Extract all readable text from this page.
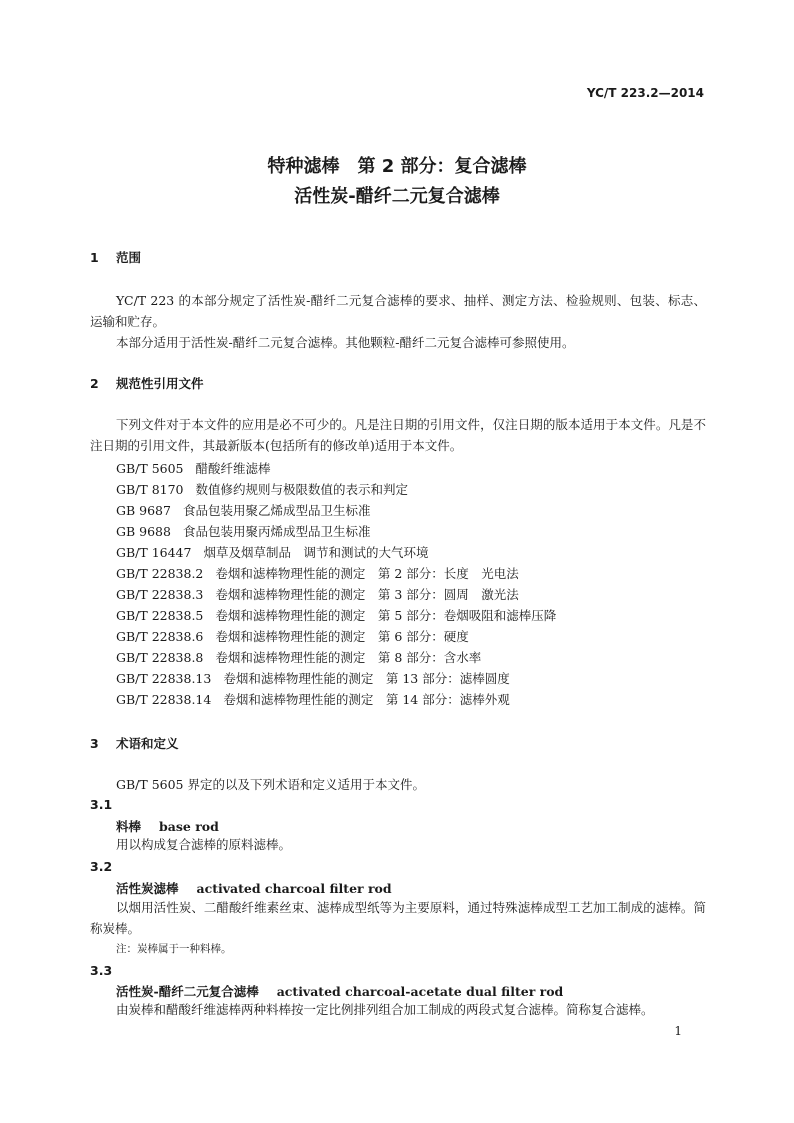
YC/T 223.2—2014
特种滤棒　第 2 部分：复合滤棒
活性炭-醋纤二元复合滤棒
1 范围
YC/T 223 的本部分规定了活性炭-醋纤二元复合滤棒的要求、抽样、测定方法、检验规则、包装、标志、运输和贮存。
本部分适用于活性炭-醋纤二元复合滤棒。其他颗粒-醋纤二元复合滤棒可参照使用。
2 规范性引用文件
下列文件对于本文件的应用是必不可少的。凡是注日期的引用文件，仅注日期的版本适用于本文件。凡是不注日期的引用文件，其最新版本(包括所有的修改单)适用于本文件。
GB/T 5605 醋酸纤维滤棒
GB/T 8170 数值修约规则与极限数值的表示和判定
GB 9687 食品包装用聚乙烯成型品卫生标准
GB 9688 食品包装用聚丙烯成型品卫生标准
GB/T 16447 烟草及烟草制品　调节和测试的大气环境
GB/T 22838.2 卷烟和滤棒物理性能的测定　第 2 部分：长度　光电法
GB/T 22838.3 卷烟和滤棒物理性能的测定　第 3 部分：圆周　激光法
GB/T 22838.5 卷烟和滤棒物理性能的测定　第 5 部分：卷烟吸阻和滤棒压降
GB/T 22838.6 卷烟和滤棒物理性能的测定　第 6 部分：硬度
GB/T 22838.8 卷烟和滤棒物理性能的测定　第 8 部分：含水率
GB/T 22838.13 卷烟和滤棒物理性能的测定　第 13 部分：滤棒圆度
GB/T 22838.14 卷烟和滤棒物理性能的测定　第 14 部分：滤棒外观
3 术语和定义
GB/T 5605 界定的以及下列术语和定义适用于本文件。
3.1
料棒 base rod
用以构成复合滤棒的原料滤棒。
3.2
活性炭滤棒 activated charcoal filter rod
以烟用活性炭、二醋酸纤维素丝束、滤棒成型纸等为主要原料，通过特殊滤棒成型工艺加工制成的滤棒。简称炭棒。
注：炭棒属于一种料棒。
3.3
活性炭-醋纤二元复合滤棒 activated charcoal-acetate dual filter rod
由炭棒和醋酸纤维滤棒两种料棒按一定比例排列组合加工制成的两段式复合滤棒。简称复合滤棒。
1
